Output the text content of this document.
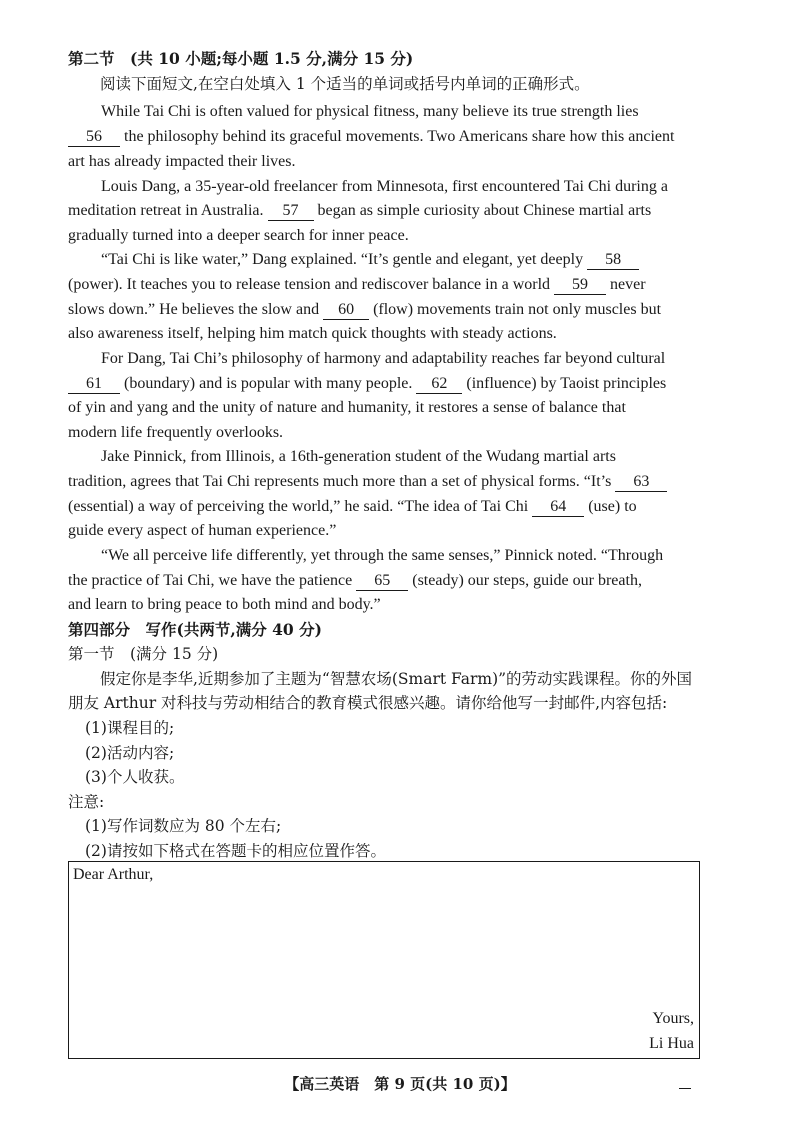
第二节　(共 10 小题;每小题 1.5 分,满分 15 分)
阅读下面短文,在空白处填入 1 个适当的单词或括号内单词的正确形式。
While Tai Chi is often valued for physical fitness, many believe its true strength lies
56 the philosophy behind its graceful movements. Two Americans share how this ancient
art has already impacted their lives.
Louis Dang, a 35-year-old freelancer from Minnesota, first encountered Tai Chi during a
meditation retreat in Australia. 57 began as simple curiosity about Chinese martial arts
gradually turned into a deeper search for inner peace.
“Tai Chi is like water,” Dang explained. “It’s gentle and elegant, yet deeply 58
(power). It teaches you to release tension and rediscover balance in a world 59 never
slows down.” He believes the slow and 60 (flow) movements train not only muscles but
also awareness itself, helping him match quick thoughts with steady actions.
For Dang, Tai Chi’s philosophy of harmony and adaptability reaches far beyond cultural
61 (boundary) and is popular with many people. 62 (influence) by Taoist principles
of yin and yang and the unity of nature and humanity, it restores a sense of balance that
modern life frequently overlooks.
Jake Pinnick, from Illinois, a 16th-generation student of the Wudang martial arts
tradition, agrees that Tai Chi represents much more than a set of physical forms. “It’s 63
(essential) a way of perceiving the world,” he said. “The idea of Tai Chi 64 (use) to
guide every aspect of human experience.”
“We all perceive life differently, yet through the same senses,” Pinnick noted. “Through
the practice of Tai Chi, we have the patience 65 (steady) our steps, guide our breath,
and learn to bring peace to both mind and body.”
第四部分　写作(共两节,满分 40 分)
第一节　(满分 15 分)
假定你是李华,近期参加了主题为“智慧农场(Smart Farm)”的劳动实践课程。你的外国
朋友 Arthur 对科技与劳动相结合的教育模式很感兴趣。请你给他写一封邮件,内容包括:
(1)课程目的;
(2)活动内容;
(3)个人收获。
注意:
(1)写作词数应为 80 个左右;
(2)请按如下格式在答题卡的相应位置作答。
Dear Arthur,
Yours,
Li Hua
【高三英语　第 9 页(共 10 页)】
